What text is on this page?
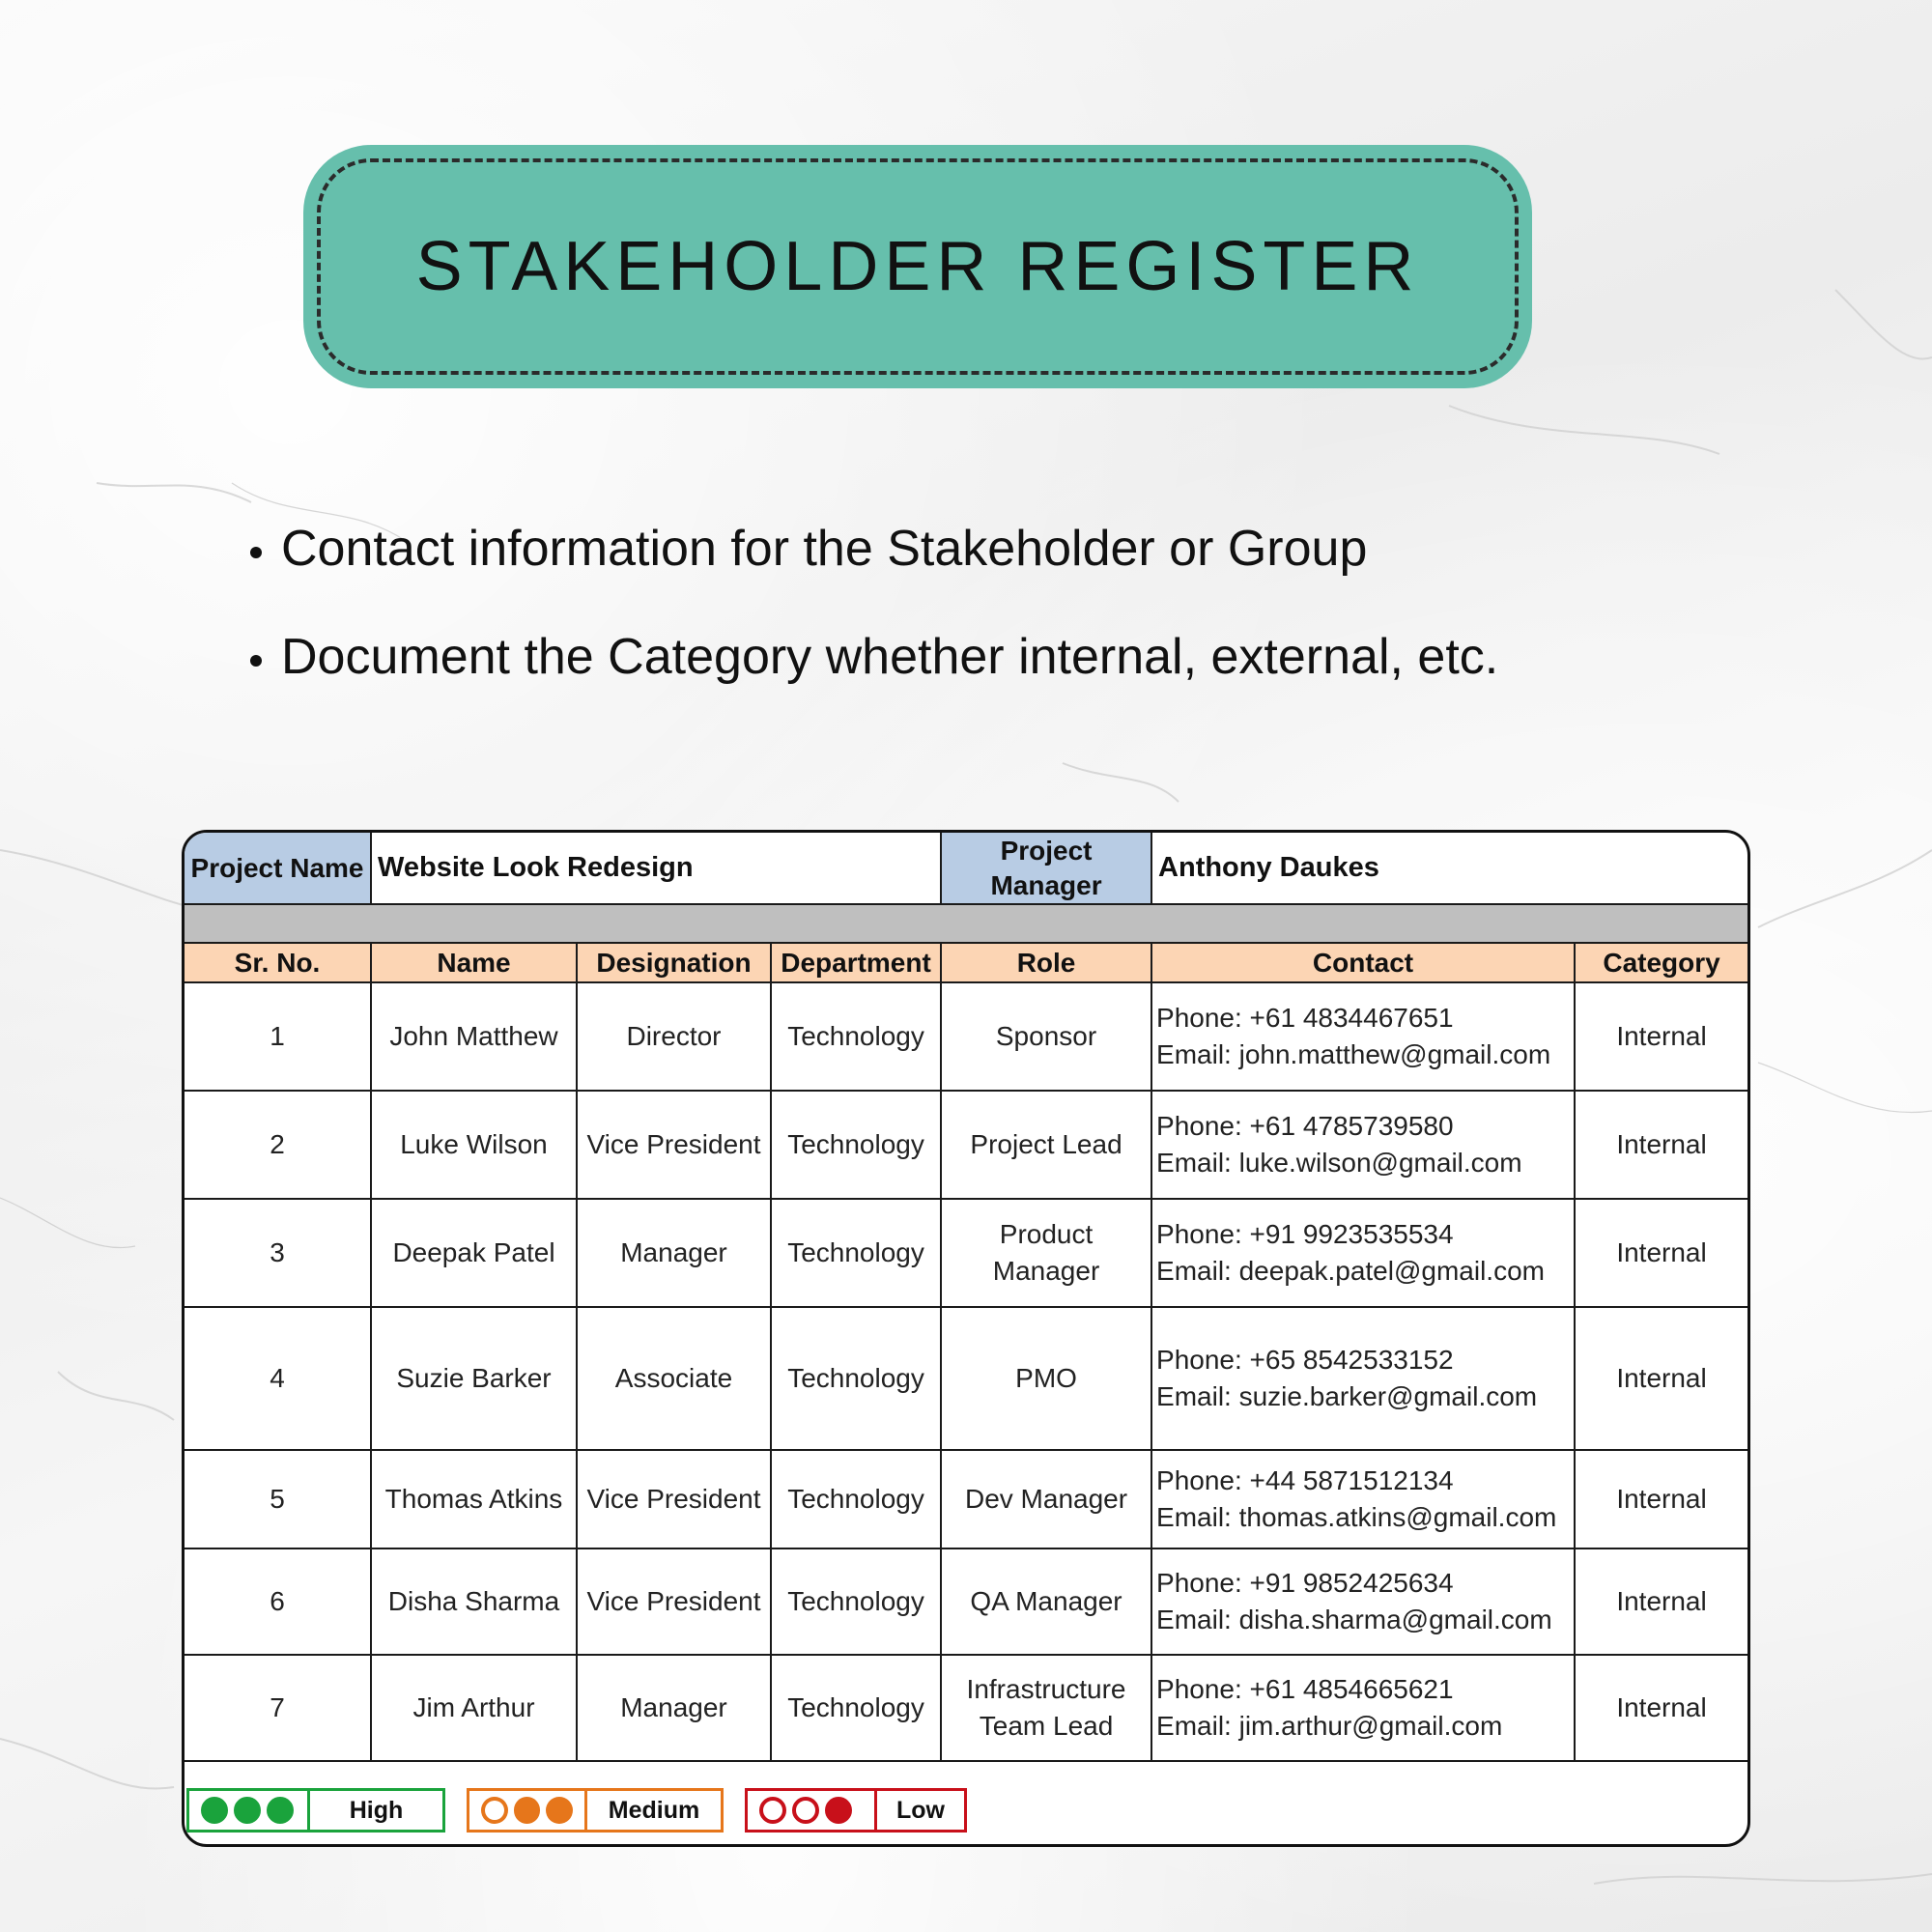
STAKEHOLDER REGISTER
Contact information for the Stakeholder or Group
Document the Category whether internal, external, etc.
Project Name	Website Look Redesign			Project Manager	Anthony Daukes	

Sr. No.	Name	Designation	Department	Role	Contact	Category
1	John Matthew	Director	Technology	Sponsor	Phone: +61 4834467651
Email: john.matthew@gmail.com	Internal
2	Luke Wilson	Vice President	Technology	Project Lead	Phone: +61 4785739580
Email: luke.wilson@gmail.com	Internal
3	Deepak Patel	Manager	Technology	Product Manager	Phone: +91 9923535534
Email: deepak.patel@gmail.com	Internal
4	Suzie Barker	Associate	Technology	PMO	Phone: +65 8542533152
Email: suzie.barker@gmail.com	Internal
5	Thomas Atkins	Vice President	Technology	Dev Manager	Phone: +44 5871512134
Email: thomas.atkins@gmail.com	Internal
6	Disha Sharma	Vice President	Technology	QA Manager	Phone: +91 9852425634
Email: disha.sharma@gmail.com	Internal
7	Jim Arthur	Manager	Technology	Infrastructure Team Lead	Phone: +61 4854665621
Email: jim.arthur@gmail.com	Internal
High	Medium	Low
